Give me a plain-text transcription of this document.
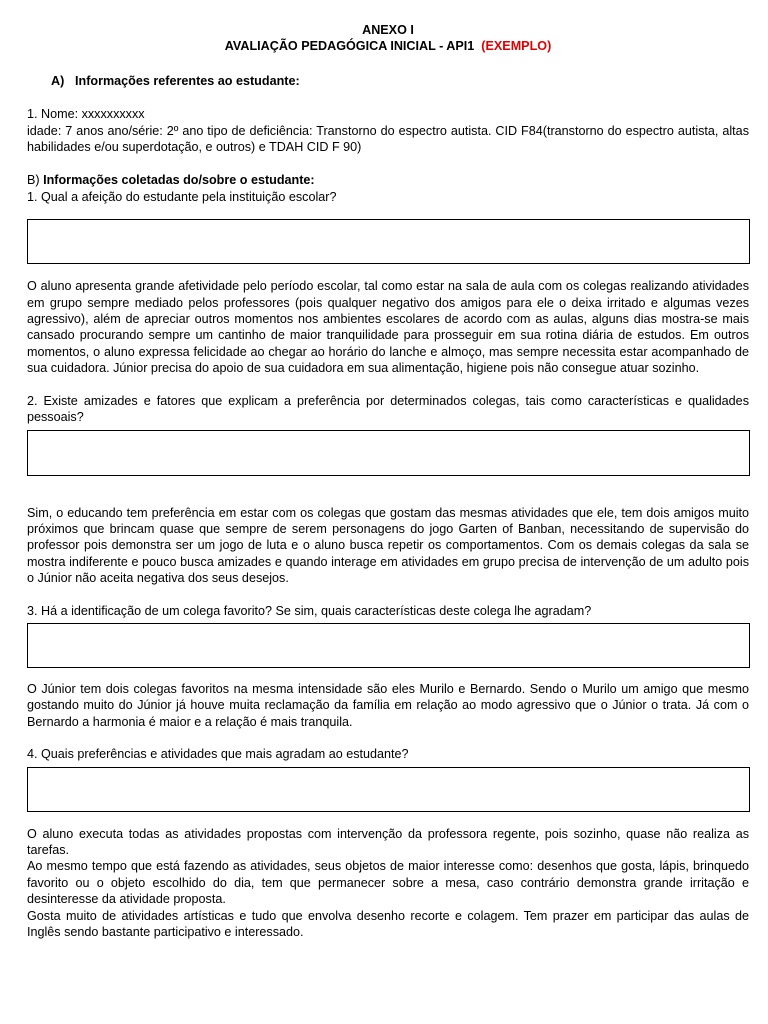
ANEXO I

AVALIAÇÃO PEDAGÓGICA INICIAL - API1 (EXEMPLO)

A) Informações referentes ao estudante:

1. Nome: xxxxxxxxxx

idade: 7 anos ano/série: 2º ano tipo de deficiência: Transtorno do espectro autista. CID F84(transtorno do espectro autista, altas habilidades e/ou superdotação, e outros) e TDAH CID F 90)

B) Informações coletadas do/sobre o estudante:

1. Qual a afeição do estudante pela instituição escolar?

O aluno apresenta grande afetividade pelo período escolar, tal como estar na sala de aula com os colegas realizando atividades em grupo sempre mediado pelos professores (pois qualquer negativo dos amigos para ele o deixa irritado e algumas vezes agressivo), além de apreciar outros momentos nos ambientes escolares de acordo com as aulas, alguns dias mostra-se mais cansado procurando sempre um cantinho de maior tranquilidade para prosseguir em sua rotina diária de estudos. Em outros momentos, o aluno expressa felicidade ao chegar ao horário do lanche e almoço, mas sempre necessita estar acompanhado de sua cuidadora. Júnior precisa do apoio de sua cuidadora em sua alimentação, higiene pois não consegue atuar sozinho.

2. Existe amizades e fatores que explicam a preferência por determinados colegas, tais como características e qualidades pessoais?

Sim, o educando tem preferência em estar com os colegas que gostam das mesmas atividades que ele, tem dois amigos muito próximos que brincam quase que sempre de serem personagens do jogo Garten of Banban, necessitando de supervisão do professor pois demonstra ser um jogo de luta e o aluno busca repetir os comportamentos. Com os demais colegas da sala se mostra indiferente e pouco busca amizades e quando interage em atividades em grupo precisa de intervenção de um adulto pois o Júnior não aceita negativa dos seus desejos.

3. Há a identificação de um colega favorito? Se sim, quais características deste colega lhe agradam?

O Júnior tem dois colegas favoritos na mesma intensidade são eles Murilo e Bernardo. Sendo o Murilo um amigo que mesmo gostando muito do Júnior já houve muita reclamação da família em relação ao modo agressivo que o Júnior o trata. Já com o Bernardo a harmonia é maior e a relação é mais tranquila.

4. Quais preferências e atividades que mais agradam ao estudante?

O aluno executa todas as atividades propostas com intervenção da professora regente, pois sozinho, quase não realiza as tarefas.

Ao mesmo tempo que está fazendo as atividades, seus objetos de maior interesse como: desenhos que gosta, lápis, brinquedo favorito ou o objeto escolhido do dia, tem que permanecer sobre a mesa, caso contrário demonstra grande irritação e desinteresse da atividade proposta.

Gosta muito de atividades artísticas e tudo que envolva desenho recorte e colagem. Tem prazer em participar das aulas de Inglês sendo bastante participativo e interessado.
